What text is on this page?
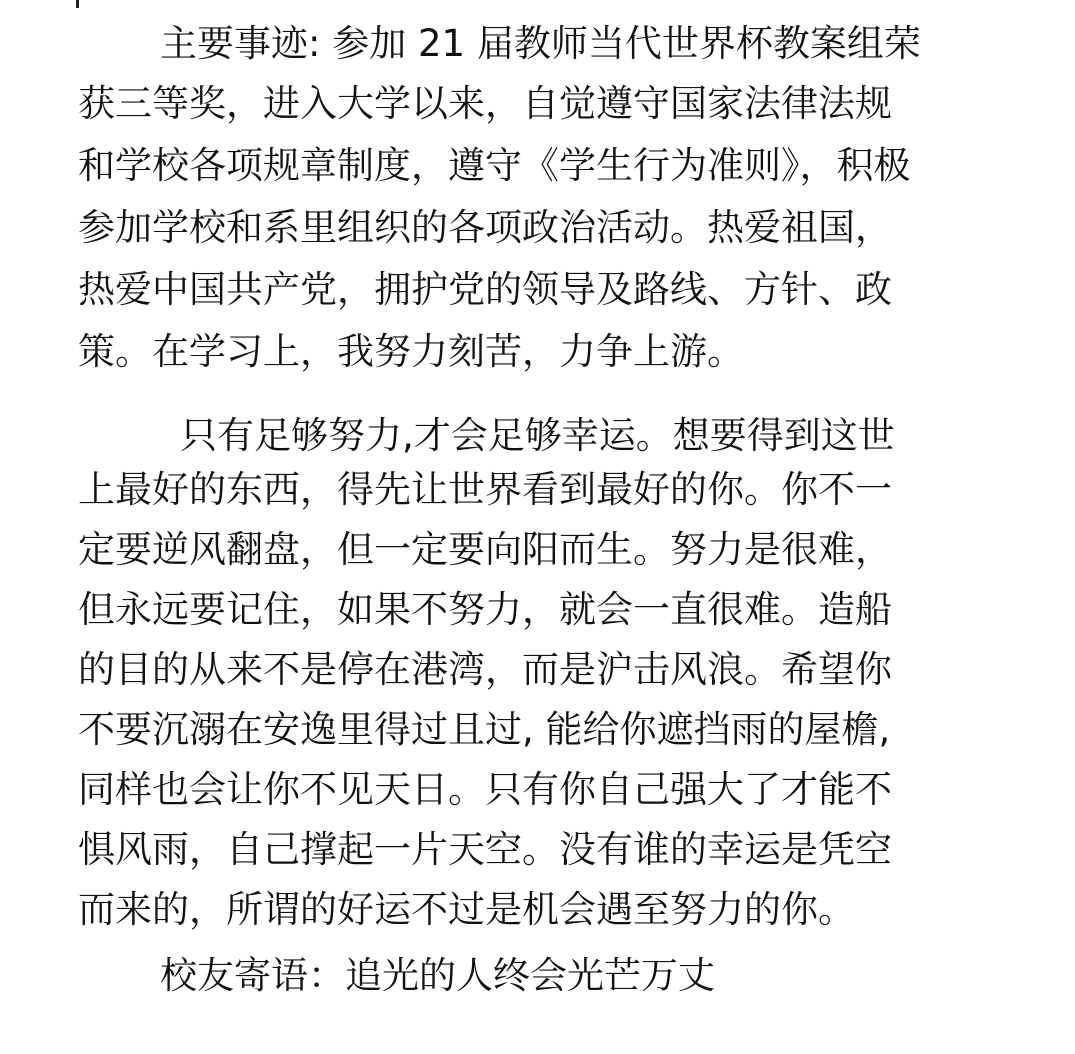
主要事迹: 参加 21 届教师当代世界杯教案组荣
获三等奖，进入大学以来，自觉遵守国家法律法规
和学校各项规章制度，遵守《学生行为准则》，积极
参加学校和系里组织的各项政治活动。热爱祖国，
热爱中国共产党，拥护党的领导及路线、方针、政
策。在学习上，我努力刻苦，力争上游。
只有足够努力,才会足够幸运。想要得到这世
上最好的东西，得先让世界看到最好的你。你不一
定要逆风翻盘，但一定要向阳而生。努力是很难，
但永远要记住，如果不努力，就会一直很难。造船
的目的从来不是停在港湾，而是沪击风浪。希望你
不要沉溺在安逸里得过且过, 能给你遮挡雨的屋檐,
同样也会让你不见天日。只有你自己强大了才能不
惧风雨，自己撑起一片天空。没有谁的幸运是凭空
而来的，所谓的好运不过是机会遇至努力的你。
校友寄语：追光的人终会光芒万丈
